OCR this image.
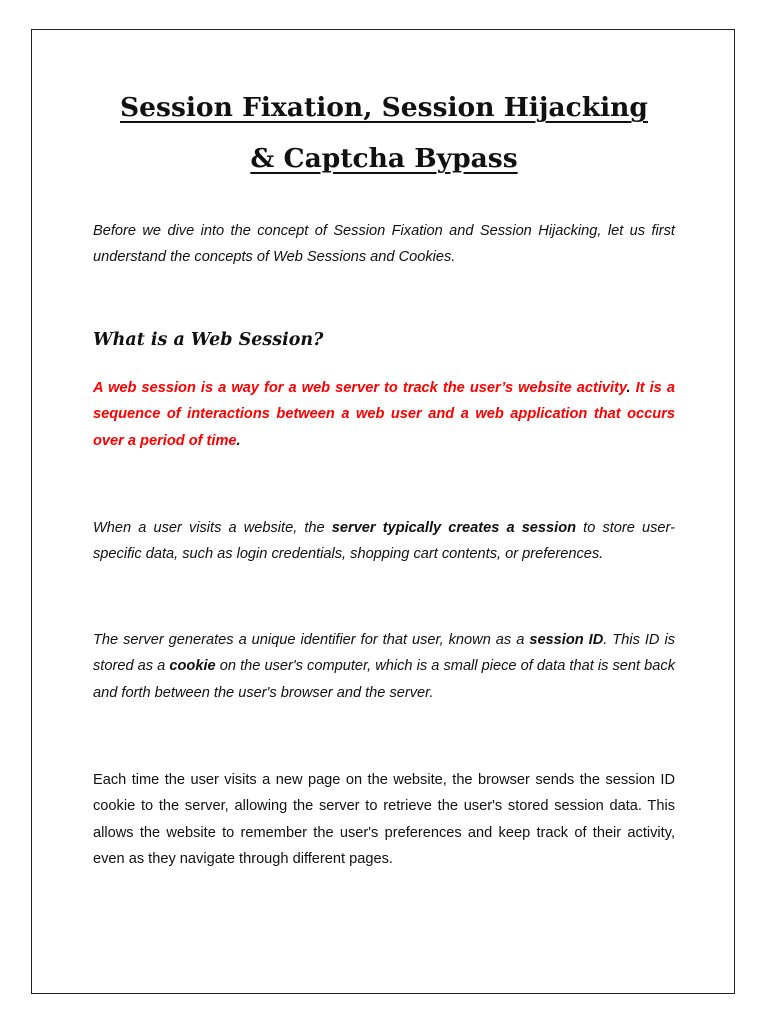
Session Fixation, Session Hijacking
& Captcha Bypass

Before we dive into the concept of Session Fixation and Session Hijacking, let us first understand the concepts of Web Sessions and Cookies.

What is a Web Session?

A web session is a way for a web server to track the user’s website activity. It is a sequence of interactions between a web user and a web application that occurs over a period of time.

When a user visits a website, the server typically creates a session to store user-specific data, such as login credentials, shopping cart contents, or preferences.

The server generates a unique identifier for that user, known as a session ID. This ID is stored as a cookie on the user's computer, which is a small piece of data that is sent back and forth between the user's browser and the server.

Each time the user visits a new page on the website, the browser sends the session ID cookie to the server, allowing the server to retrieve the user's stored session data. This allows the website to remember the user's preferences and keep track of their activity, even as they navigate through different pages.
